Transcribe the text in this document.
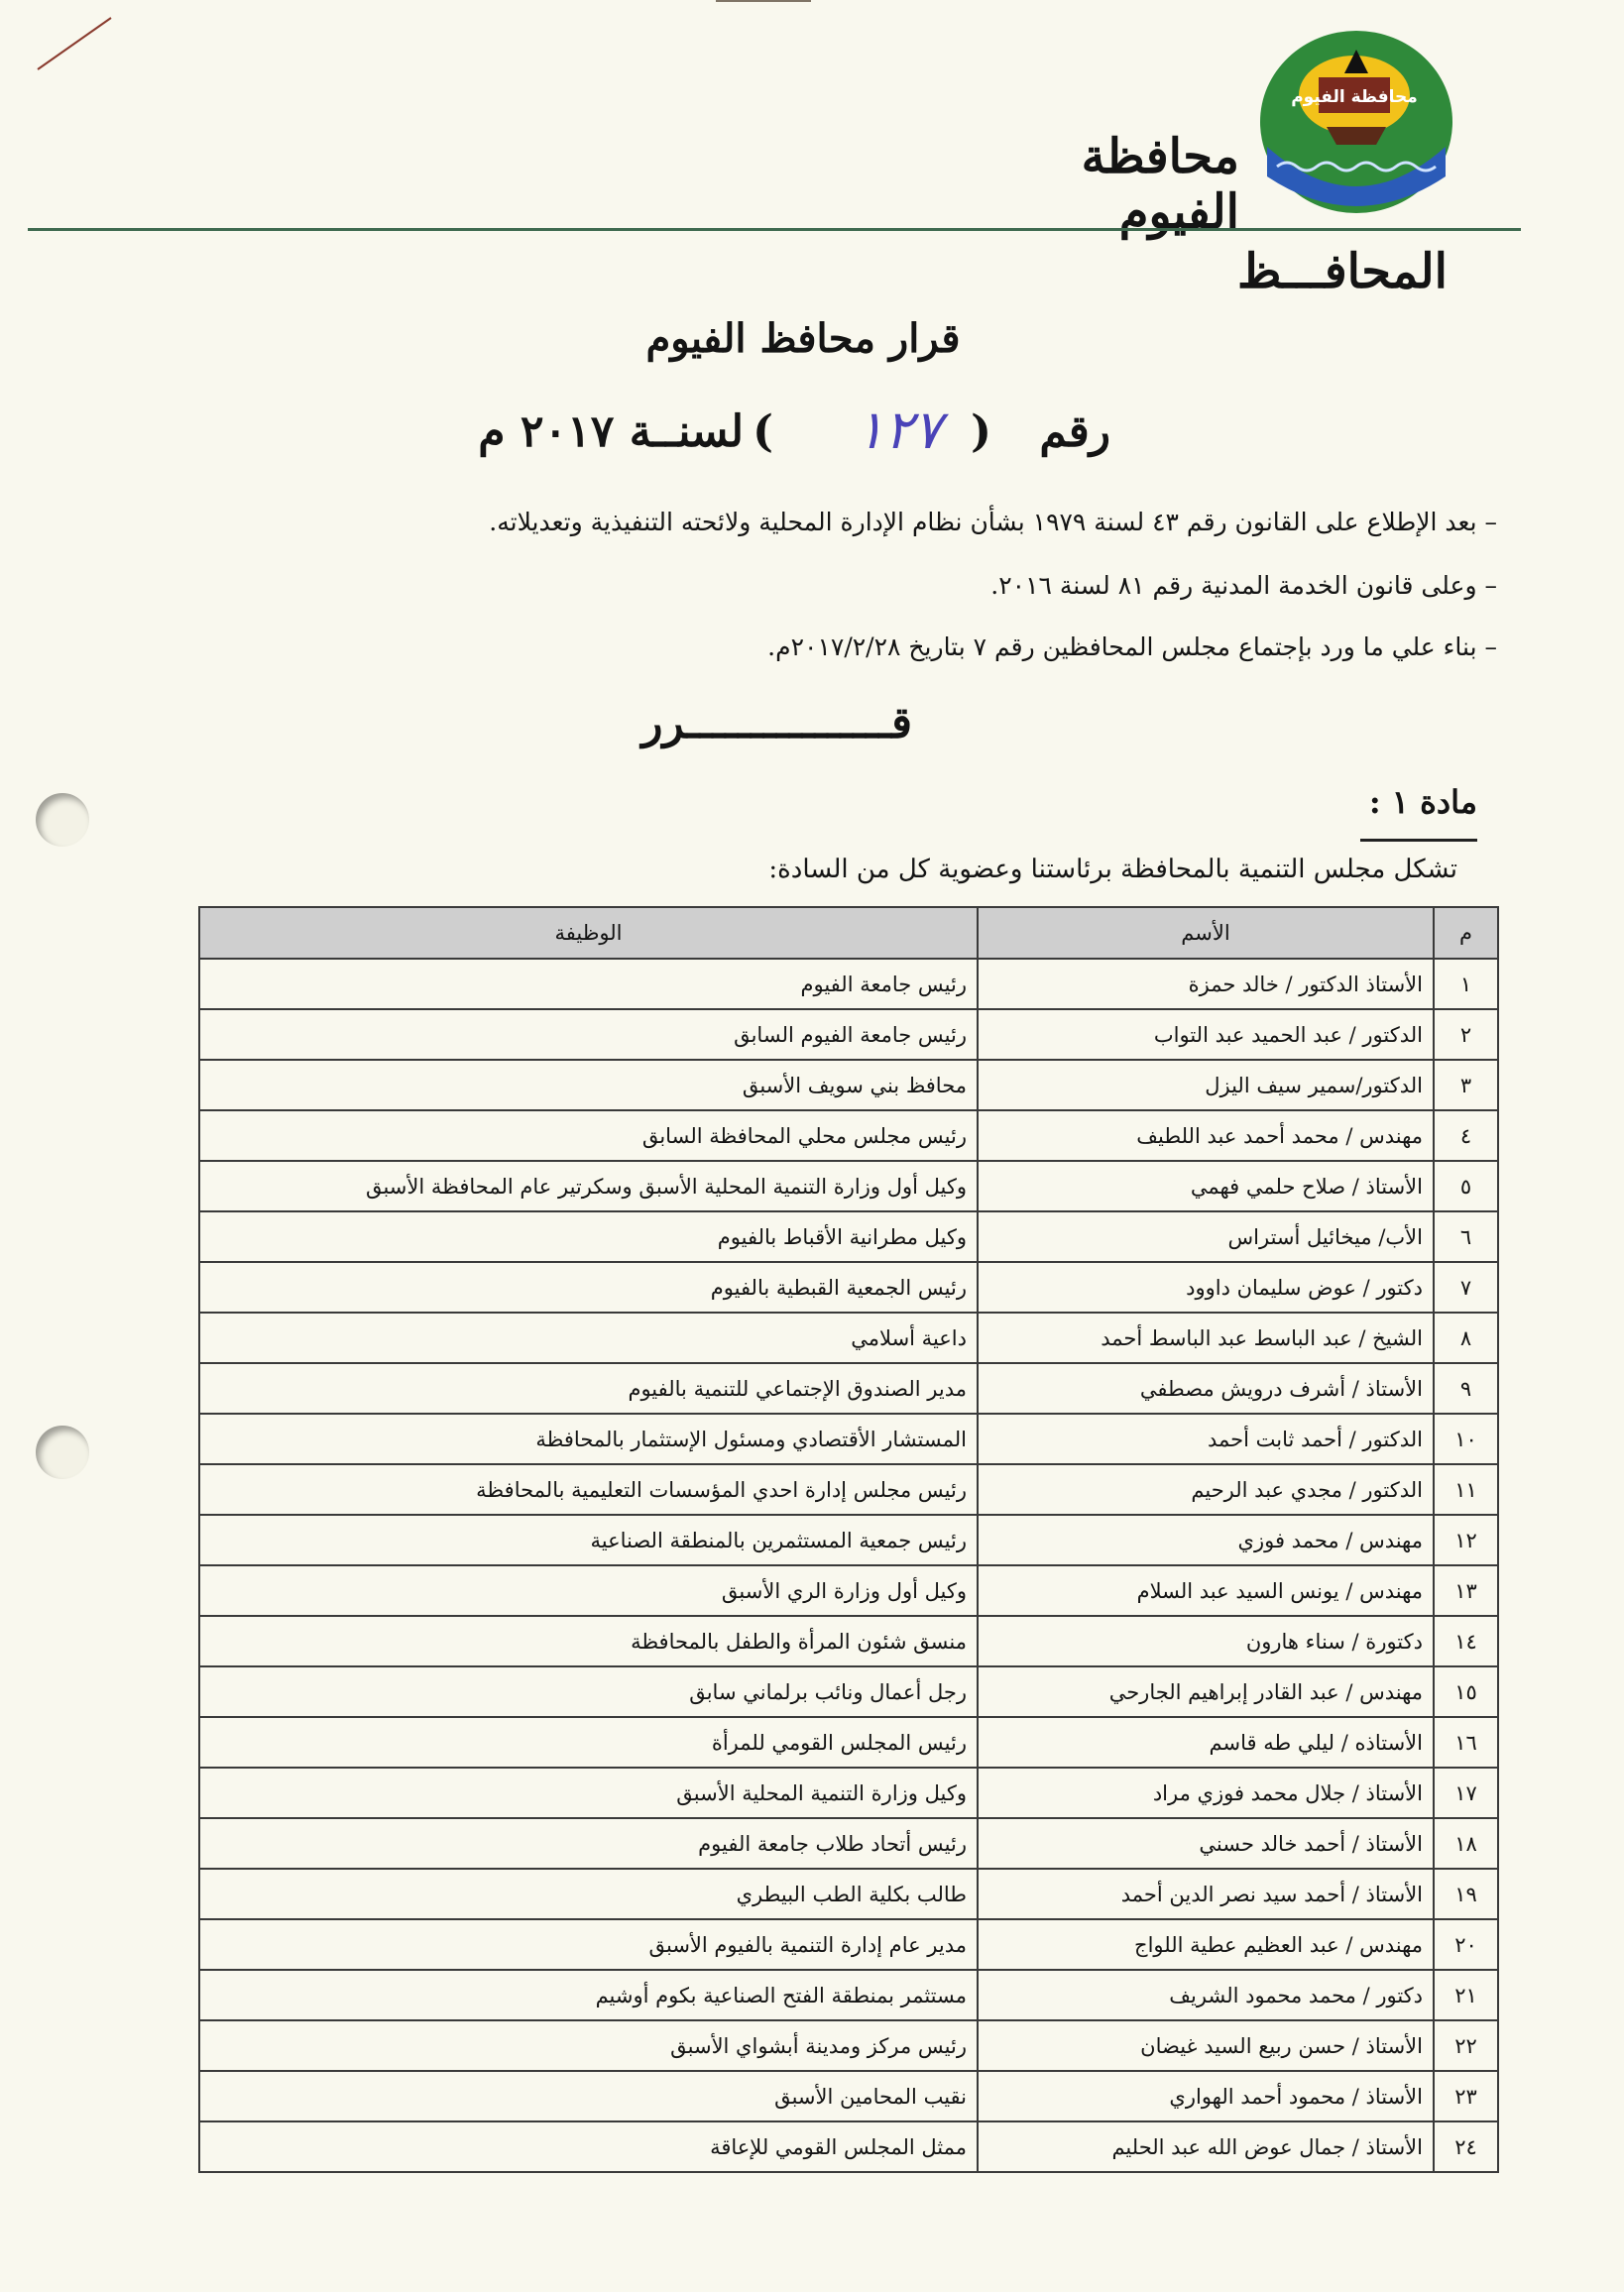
محافظة الفيوم
محافظة الفيوم
المحافـــظ
قرار محافظ الفيوم
رقم
(
١٢٧
)
لسنــة ٢٠١٧ م
– بعد الإطلاع على القانون رقم ٤٣ لسنة ١٩٧٩ بشأن نظام الإدارة المحلية ولائحته التنفيذية وتعديلاته.
– وعلى قانون الخدمة المدنية رقم ٨١ لسنة ٢٠١٦.
– بناء علي ما ورد بإجتماع مجلس المحافظين رقم ٧ بتاريخ ٢٠١٧/٢/٢٨م.
قــــــــــــــــرر
مادة ١ :
تشكل مجلس التنمية بالمحافظة برئاستنا وعضوية كل من السادة:
م	الأسم	الوظيفة
١	الأستاذ الدكتور / خالد حمزة	رئيس جامعة الفيوم
٢	الدكتور / عبد الحميد عبد التواب	رئيس جامعة الفيوم السابق
٣	الدكتور/سمير سيف اليزل	محافظ بني سويف الأسبق
٤	مهندس / محمد أحمد عبد اللطيف	رئيس مجلس محلي المحافظة السابق
٥	الأستاذ / صلاح حلمي فهمي	وكيل أول وزارة التنمية المحلية الأسبق وسكرتير عام المحافظة الأسبق
٦	الأب/ ميخائيل أستراس	وكيل مطرانية الأقباط بالفيوم
٧	دكتور / عوض سليمان داوود	رئيس الجمعية القبطية بالفيوم
٨	الشيخ / عبد الباسط عبد الباسط أحمد	داعية أسلامي
٩	الأستاذ / أشرف درويش مصطفي	مدير الصندوق الإجتماعي للتنمية بالفيوم
١٠	الدكتور / أحمد ثابت أحمد	المستشار الأقتصادي ومسئول الإستثمار بالمحافظة
١١	الدكتور / مجدي عبد الرحيم	رئيس مجلس إدارة احدي المؤسسات التعليمية بالمحافظة
١٢	مهندس / محمد فوزي	رئيس جمعية المستثمرين بالمنطقة الصناعية
١٣	مهندس / يونس السيد عبد السلام	وكيل أول وزارة الري الأسبق
١٤	دكتورة / سناء هارون	منسق شئون المرأة والطفل بالمحافظة
١٥	مهندس / عبد القادر إبراهيم الجارحي	رجل أعمال ونائب برلماني سابق
١٦	الأستاذه / ليلي طه قاسم	رئيس المجلس القومي للمرأة
١٧	الأستاذ / جلال محمد فوزي مراد	وكيل وزارة التنمية المحلية الأسبق
١٨	الأستاذ / أحمد خالد حسني	رئيس أتحاد طلاب جامعة الفيوم
١٩	الأستاذ / أحمد سيد نصر الدين أحمد	طالب بكلية الطب البيطري
٢٠	مهندس / عبد العظيم عطية اللواج	مدير عام إدارة التنمية بالفيوم الأسبق
٢١	دكتور / محمد محمود الشريف	مستثمر بمنطقة الفتح الصناعية بكوم أوشيم
٢٢	الأستاذ / حسن ربيع السيد غيضان	رئيس مركز ومدينة أبشواي الأسبق
٢٣	الأستاذ / محمود أحمد الهواري	نقيب المحامين الأسبق
٢٤	الأستاذ / جمال عوض الله عبد الحليم	ممثل المجلس القومي للإعاقة
